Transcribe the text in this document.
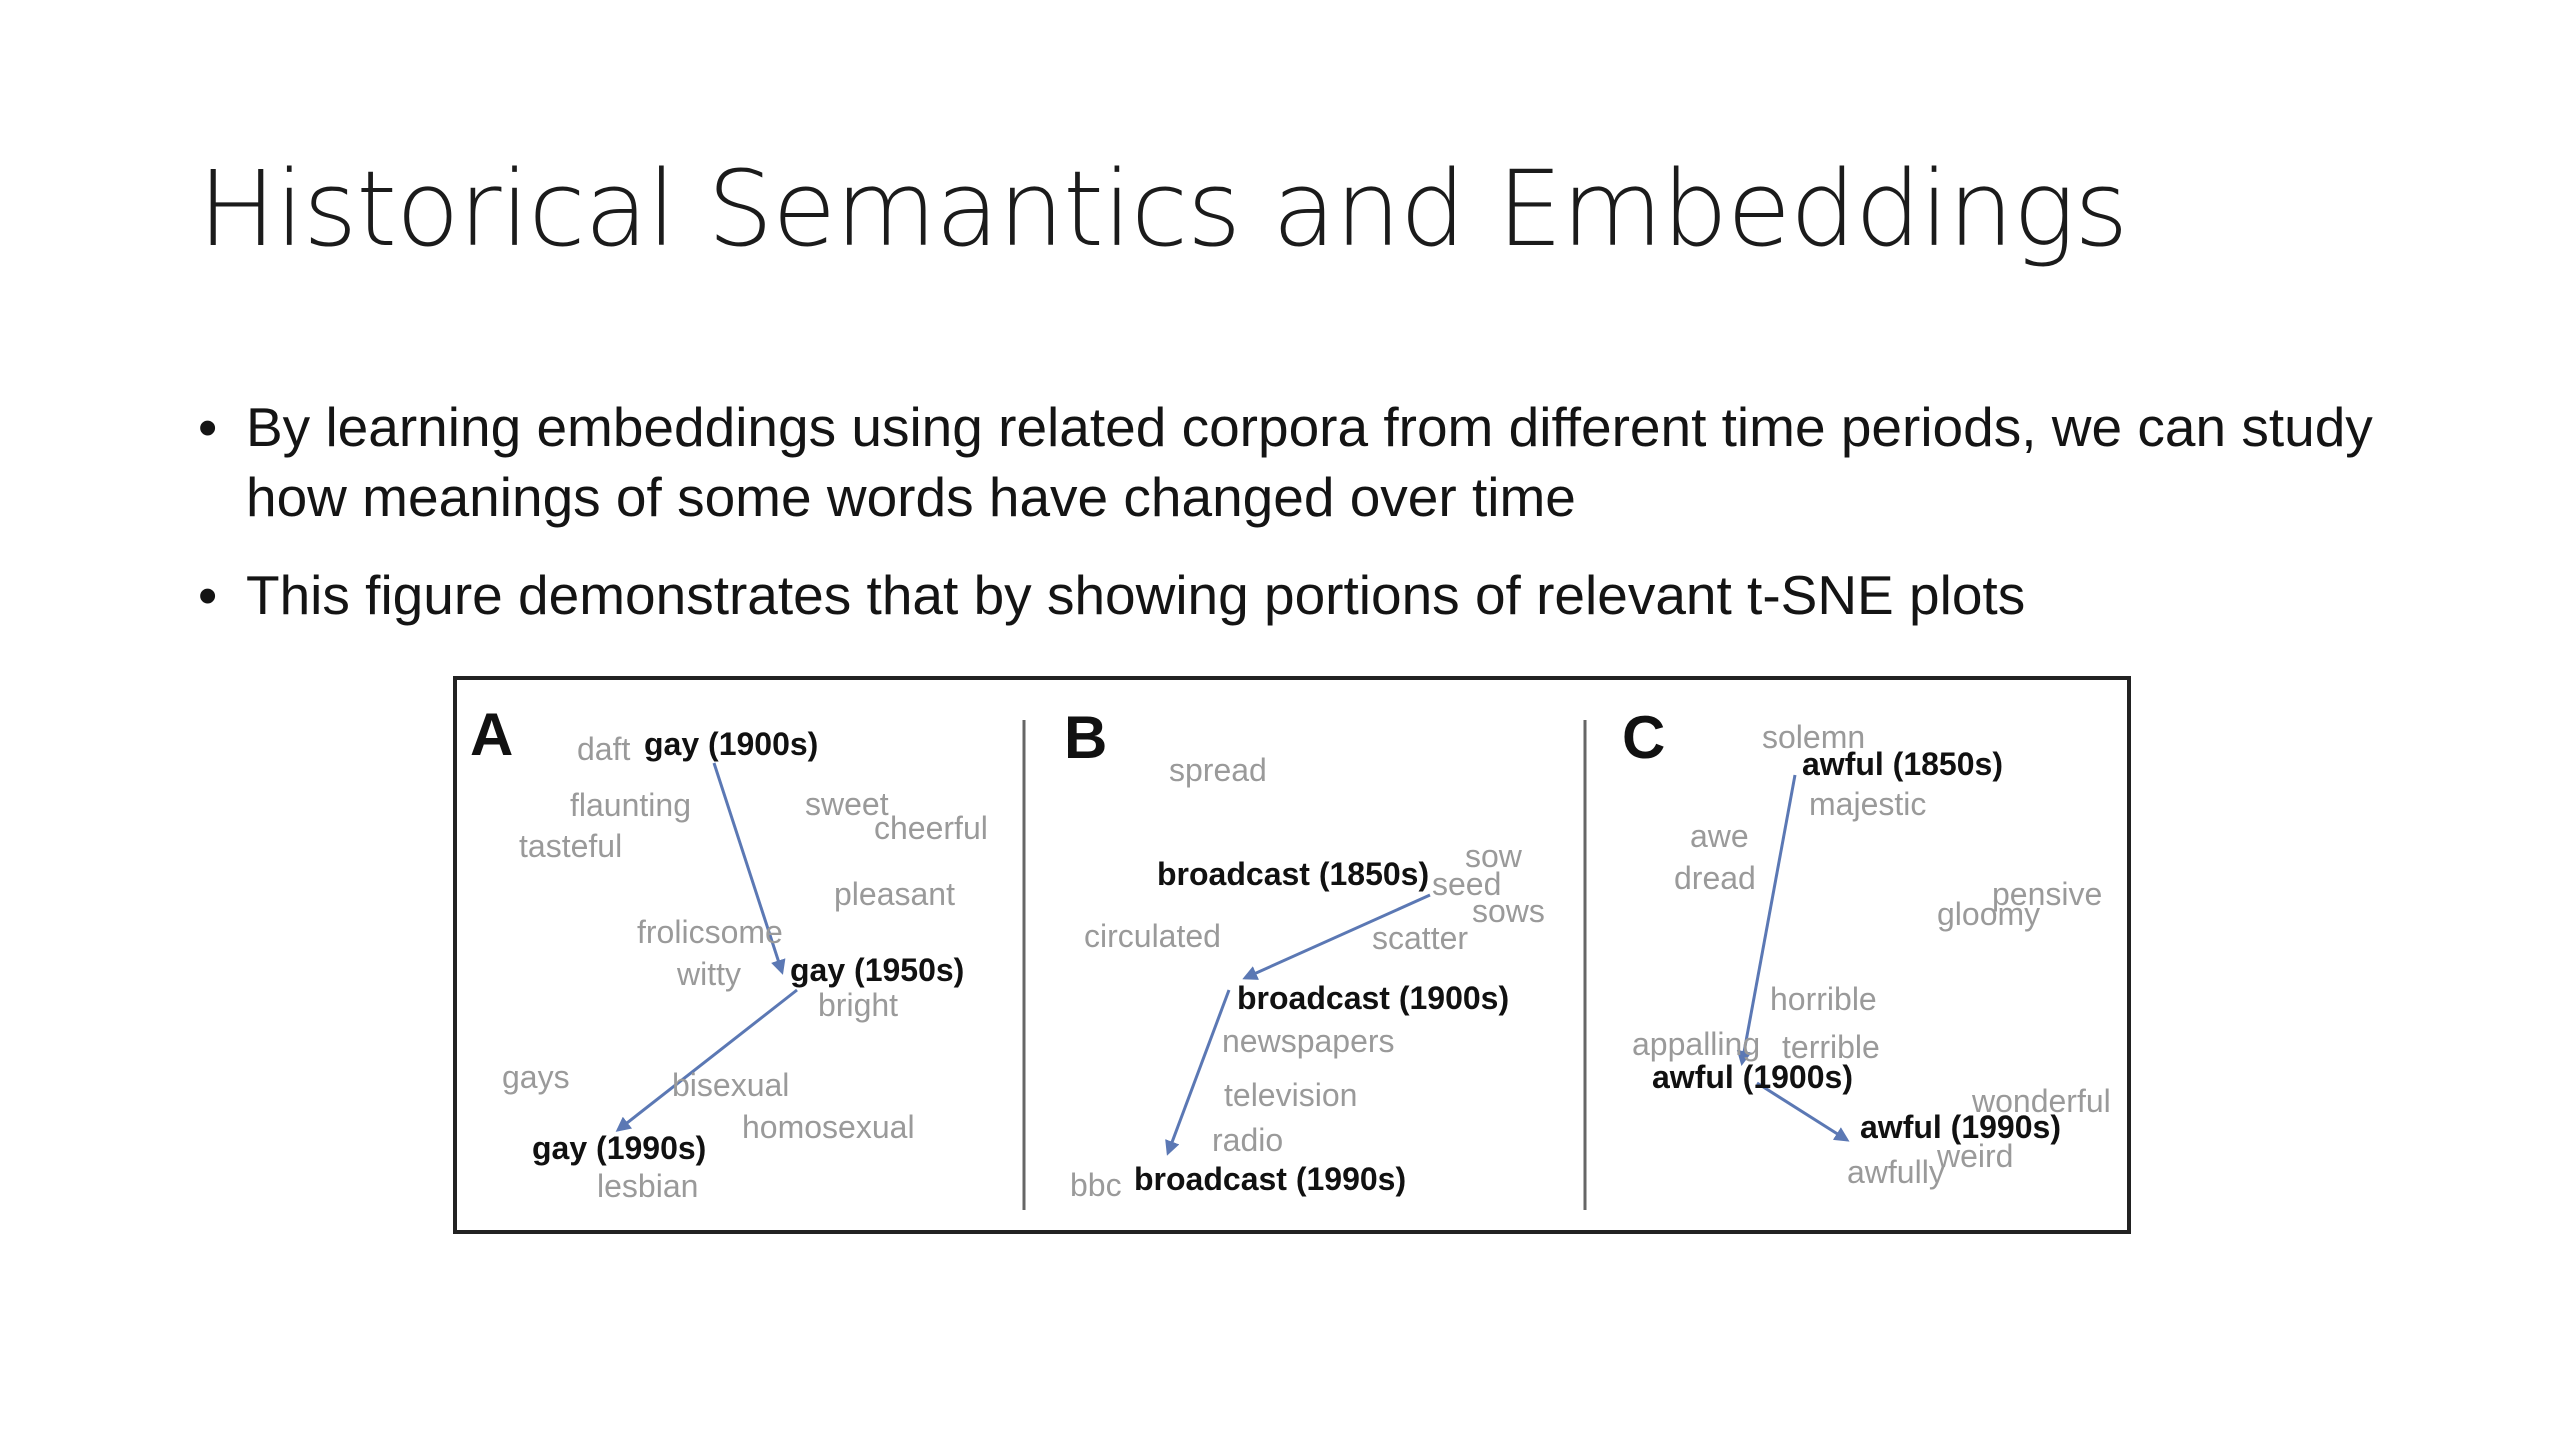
Historical Semantics and Embeddings
• By learning embeddings using related corpora from different time periods, we can study how meanings of some words have changed over time
• This figure demonstrates that by showing portions of relevant t-SNE plots
A daft gay (1900s)
flaunting
tasteful
sweet
cheerful
pleasant
frolicsome
witty gay (1950s)
bright
gays	bisexual
homosexual
gay (1990s)
lesbian
B spread
broadcast (1850s) sow
seed
sows
circulated	scatter
broadcast (1900s)
newspapers
television
radio
bbc broadcast (1990s)
C	solemn
awful (1850s)
majestic
awe
dread	pensive
gloomy
horrible
appalling terrible
awful (1900s)
wonderful
awful (1990s)
weird
awfully
